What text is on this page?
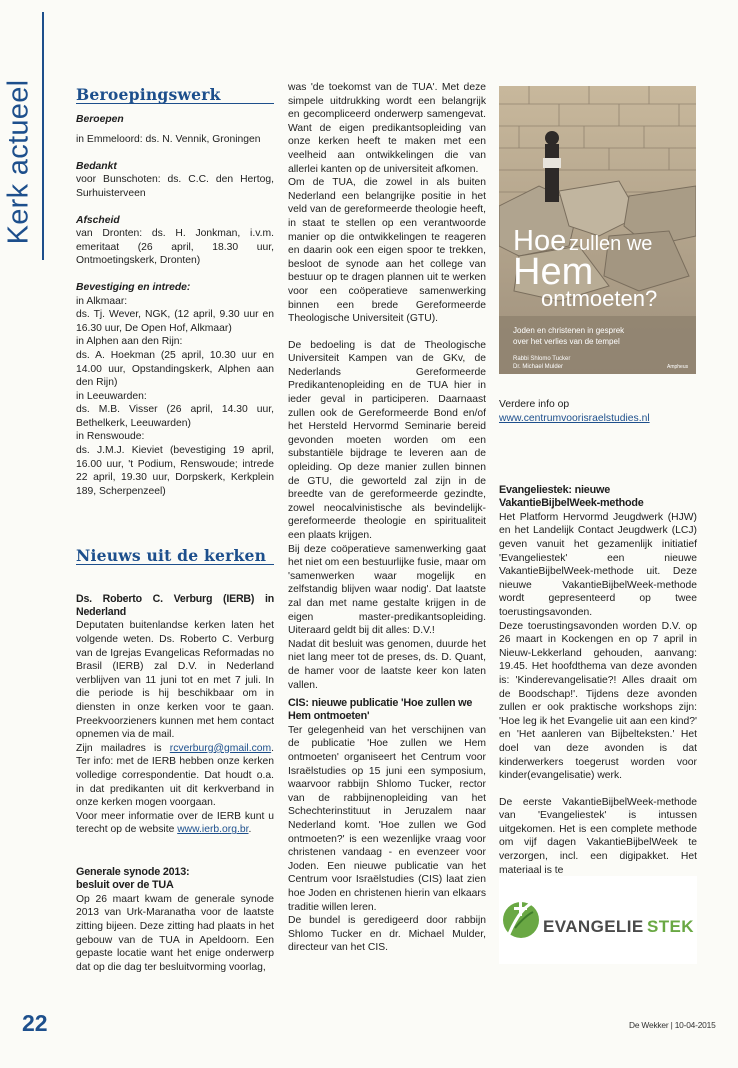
Kerk actueel	Beroepingswerk

Beroepen

in Emmeloord: ds. N. Vennik, Groningen

Bedankt

voor Bunschoten: ds. C.C. den Hertog, Surhuisterveen

Afscheid

van Dronten: ds. H. Jonkman, i.v.m. emeritaat (26 april, 18.30 uur, Ontmoetingskerk, Dronten)

Bevestiging en intrede:

in Alkmaar:

ds. Tj. Wever, NGK, (12 april, 9.30 uur en 16.30 uur, De Open Hof, Alkmaar)

in Alphen aan den Rijn:

ds. A. Hoekman (25 april, 10.30 uur en 14.00 uur, Opstandingskerk, Alphen aan den Rijn)

in Leeuwarden:

ds. M.B. Visser (26 april, 14.30 uur, Bethelkerk, Leeuwarden)

in Renswoude:

ds. J.M.J. Kieviet (bevestiging 19 april, 16.00 uur, 't Podium, Renswoude; intrede 22 april, 19.30 uur, Dorpskerk, Kerkplein 189, Scherpenzeel)

Nieuws uit de kerken

Ds. Roberto C. Verburg (IERB) in Nederland

Deputaten buitenlandse kerken laten het volgende weten. Ds. Roberto C. Verburg van de Igrejas Evangelicas Reformadas no Brasil (IERB) zal D.V. in Nederland verblijven van 11 juni tot en met 7 juli. In die periode is hij beschikbaar om in diensten in onze kerken voor te gaan. Preekvoorzieners kunnen met hem contact opnemen via de mail.

Zijn mailadres is rcverburg@gmail.com. Ter info: met de IERB hebben onze kerken volledige correspondentie. Dat houdt o.a. in dat predikanten uit dit kerkverband in onze kerken mogen voorgaan.

Voor meer informatie over de IERB kunt u terecht op de website www.ierb.org.br.

Generale synode 2013:

besluit over de TUA

Op 26 maart kwam de generale synode 2013 van Urk-Maranatha voor de laatste zitting bijeen. Deze zitting had plaats in het gebouw van de TUA in Apeldoorn. Een gepaste locatie want het enige onderwerp dat op die dag ter besluitvorming voorlag,

was 'de toekomst van de TUA'. Met deze simpele uitdrukking wordt een belangrijk en gecompliceerd onderwerp samengevat. Want de eigen predikantsopleiding van onze kerken heeft te maken met een veelheid aan ontwikkelingen die van allerlei kanten op de universiteit afkomen.

Om de TUA, die zowel in als buiten Nederland een belangrijke positie in het veld van de gereformeerde theologie heeft, in staat te stellen op een verantwoorde manier op die ontwikkelingen te reageren en daarin ook een eigen spoor te trekken, besloot de synode aan het college van bestuur op te dragen plannen uit te werken voor een coöperatieve samenwerking binnen een brede Gereformeerde Theologische Universiteit (GTU).

De bedoeling is dat de Theologische Universiteit Kampen van de GKv, de Nederlands Gereformeerde Predikantenopleiding en de TUA hier in ieder geval in participeren. Daarnaast zullen ook de Gereformeerde Bond en/of het Hersteld Hervormd Seminarie bereid gevonden moeten worden om een substantiële bijdrage te leveren aan de opleiding. Op deze manier zullen binnen de GTU, die geworteld zal zijn in de breedte van de gereformeerde gezindte, zowel neocalvinistische als bevindelijk-gereformeerde theologie en spiritualiteit een plaats krijgen.

Bij deze coöperatieve samenwerking gaat het niet om een bestuurlijke fusie, maar om 'samenwerken waar mogelijk en zelfstandig blijven waar nodig'. Dat laatste zal dan met name gestalte krijgen in de eigen master-predikantsopleiding. Uiteraard geldt bij dit alles: D.V.!

Nadat dit besluit was genomen, duurde het niet lang meer tot de preses, ds. D. Quant, de hamer voor de laatste keer kon laten vallen.

CIS: nieuwe publicatie 'Hoe zullen we

Hem ontmoeten'

Ter gelegenheid van het verschijnen van de publicatie 'Hoe zullen we Hem ontmoeten' organiseert het Centrum voor Israëlstudies op 15 juni een symposium, waarvoor rabbijn Shlomo Tucker, rector van de rabbijnenopleiding van het Schechterinstituut in Jeruzalem naar Nederland komt. 'Hoe zullen we God ontmoeten?' is een wezenlijke vraag voor christenen vandaag - en evenzeer voor Joden. Een nieuwe publicatie van het Centrum voor Israëlstudies (CIS) laat zien hoe Joden en christenen hierin van elkaars traditie willen leren.

De bundel is geredigeerd door rabbijn Shlomo Tucker en dr. Michael Mulder, directeur van het CIS.

Hoe zullen we
Hem
ontmoeten?
Joden en christenen in gesprek
over het verlies van de tempel
Rabbi Shlomo Tucker
Dr. Michael Mulder	Ampheus

Verdere info op

www.centrumvoorisraelstudies.nl

Evangeliestek: nieuwe

VakantieBijbelWeek-methode

Het Platform Hervormd Jeugdwerk (HJW) en het Landelijk Contact Jeugdwerk (LCJ) geven vanuit het gezamenlijk initiatief 'Evangeliestek' een nieuwe VakantieBijbelWeek-methode uit. Deze nieuwe VakantieBijbelWeek-methode wordt gepresenteerd op twee toerustingsavonden.

Deze toerustingsavonden worden D.V. op 26 maart in Kockengen en op 7 april in Nieuw-Lekkerland gehouden, aanvang: 19.45. Het hoofdthema van deze avonden is: 'Kinderevangelisatie?! Alles draait om de Boodschap!'. Tijdens deze avonden zullen er ook praktische workshops zijn: 'Hoe leg ik het Evangelie uit aan een kind?' en 'Het aanleren van Bijbelteksten.' Het doel van deze avonden is dat kinderwerkers toegerust worden voor kinder(evangelisatie) werk.

De eerste VakantieBijbelWeek-methode van 'Evangeliestek' is intussen uitgekomen. Het is een complete methode om vijf dagen VakantieBijbelWeek te verzorgen, incl. een digipakket. Het materiaal is te

EVANGELIE STEK
22	De Wekker | 10-04-2015
